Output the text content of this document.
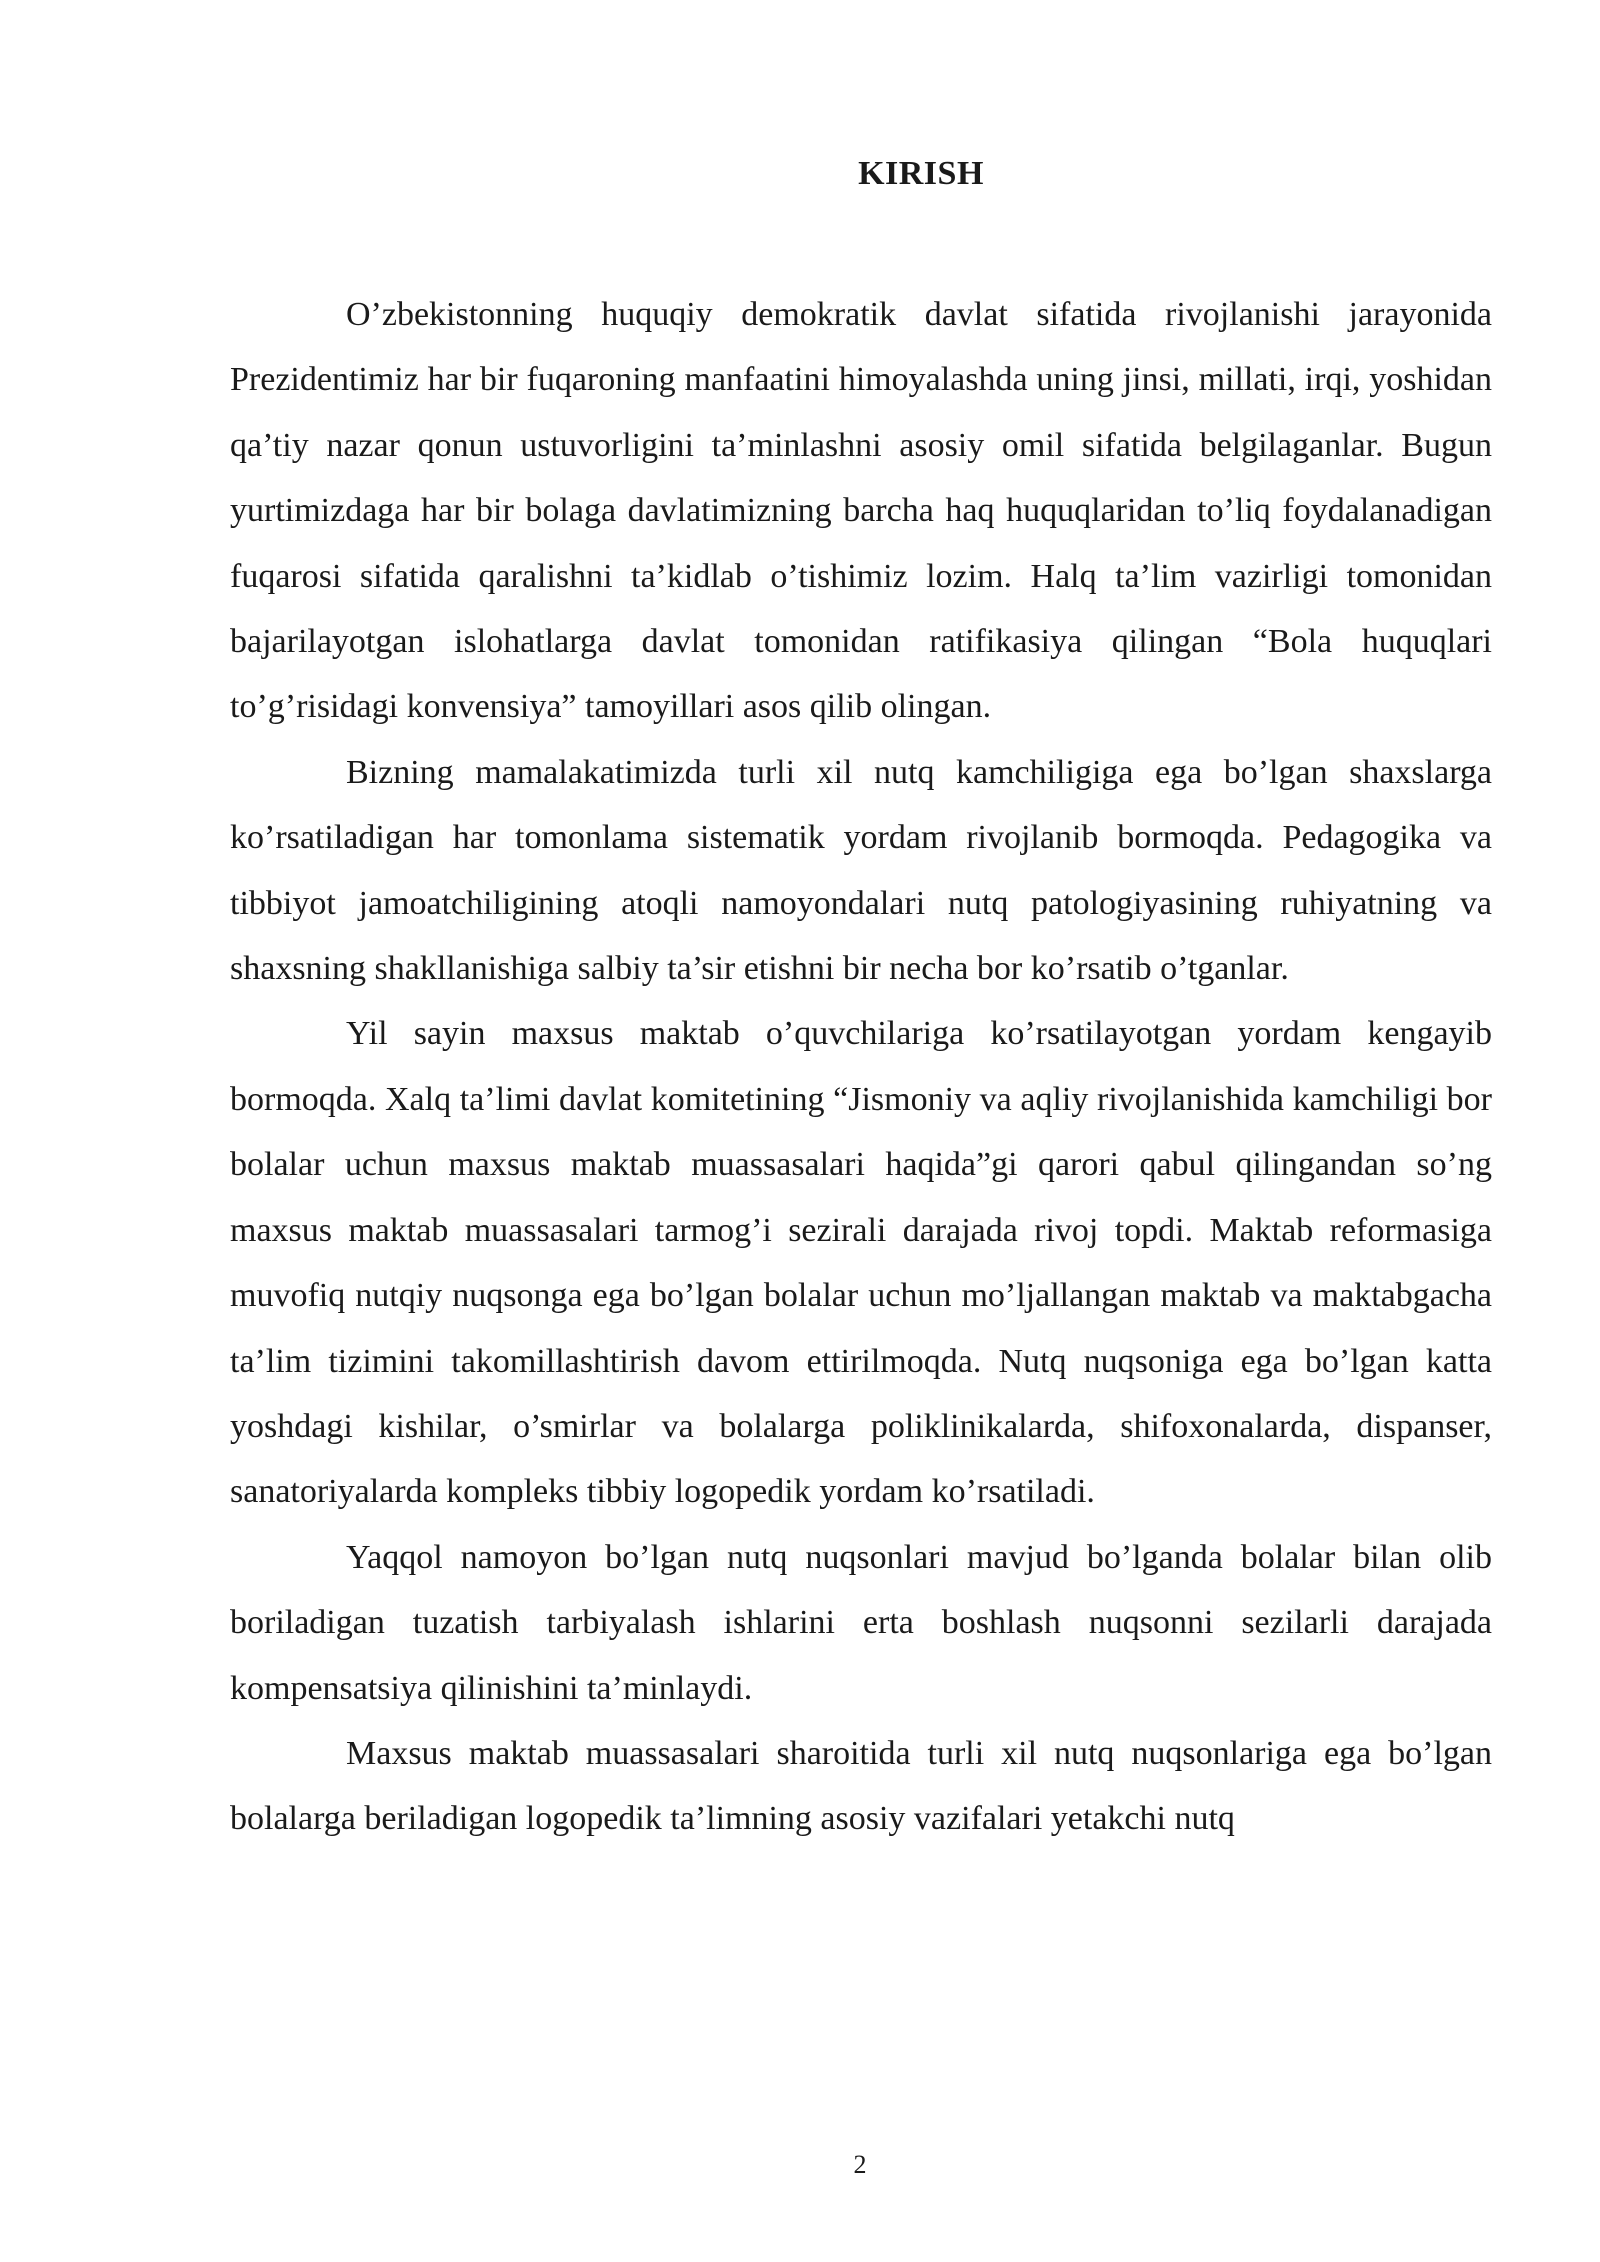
KIRISH

O’zbekistonning huquqiy demokratik davlat sifatida rivojlanishi jarayonida Prezidentimiz har bir fuqaroning manfaatini himoyalashda uning jinsi, millati, irqi, yoshidan qa’tiy nazar qonun ustuvorligini ta’minlashni asosiy omil sifatida belgilaganlar. Bugun yurtimizdaga har bir bolaga davlatimizning barcha haq huquqlaridan to’liq foydalanadigan fuqarosi sifatida qaralishni ta’kidlab o’tishimiz lozim. Halq ta’lim vazirligi tomonidan bajarilayotgan islohatlarga davlat tomonidan ratifikasiya qilingan “Bola huquqlari to’g’risidagi konvensiya” tamoyillari asos qilib olingan.

Bizning mamalakatimizda turli xil nutq kamchiligiga ega bo’lgan shaxslarga ko’rsatiladigan har tomonlama sistematik yordam rivojlanib bormoqda. Pedagogika va tibbiyot jamoatchiligining atoqli namoyondalari nutq patologiyasining ruhiyatning va shaxsning shakllanishiga salbiy ta’sir etishni bir necha bor ko’rsatib o’tganlar.

Yil sayin maxsus maktab o’quvchilariga ko’rsatilayotgan yordam kengayib bormoqda. Xalq ta’limi davlat komitetining “Jismoniy va aqliy rivojlanishida kamchiligi bor bolalar uchun maxsus maktab muassasalari haqida”gi qarori qabul qilingandan so’ng maxsus maktab muassasalari tarmog’i sezirali darajada rivoj topdi. Maktab reformasiga muvofiq nutqiy nuqsonga ega bo’lgan bolalar uchun mo’ljallangan maktab va maktabgacha ta’lim tizimini takomillashtirish davom ettirilmoqda. Nutq nuqsoniga ega bo’lgan katta yoshdagi kishilar, o’smirlar va bolalarga poliklinikalarda, shifoxonalarda, dispanser, sanatoriyalarda kompleks tibbiy logopedik yordam ko’rsatiladi.

Yaqqol namoyon bo’lgan nutq nuqsonlari mavjud bo’lganda bolalar bilan olib boriladigan tuzatish tarbiyalash ishlarini erta boshlash nuqsonni sezilarli darajada kompensatsiya qilinishini ta’minlaydi.

Maxsus maktab muassasalari sharoitida turli xil nutq nuqsonlariga ega bo’lgan bolalarga beriladigan logopedik ta’limning asosiy vazifalari yetakchi nutq

2
